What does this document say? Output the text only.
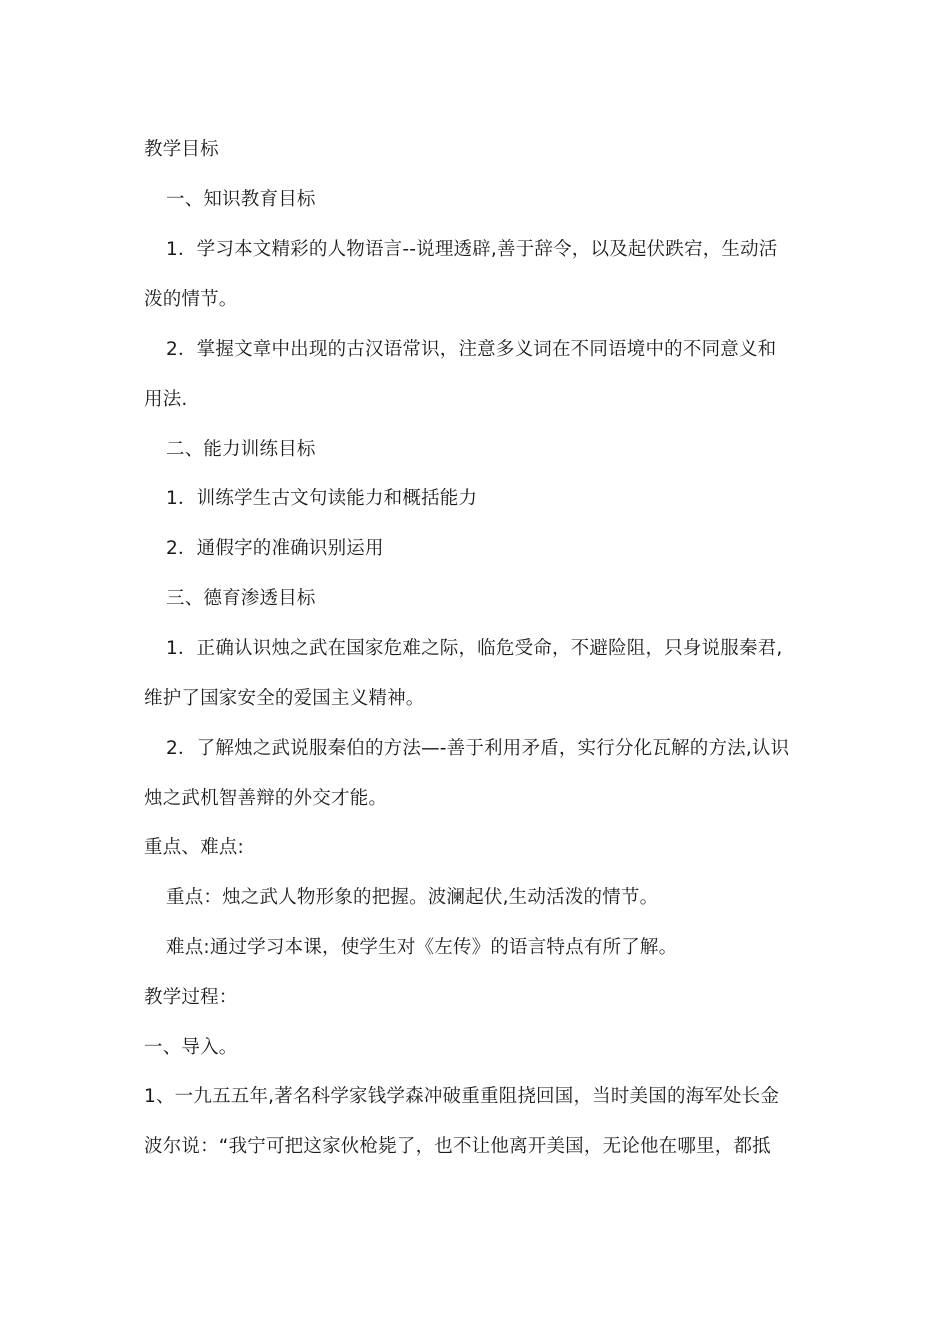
教学目标
一、知识教育目标
1．学习本文精彩的人物语言--说理透辟,善于辞令，以及起伏跌宕，生动活
泼的情节。
2．掌握文章中出现的古汉语常识，注意多义词在不同语境中的不同意义和
用法.
二、能力训练目标
1．训练学生古文句读能力和概括能力
2．通假字的准确识别运用
三、德育渗透目标
1．正确认识烛之武在国家危难之际，临危受命，不避险阻，只身说服秦君,
维护了国家安全的爱国主义精神。
2．了解烛之武说服秦伯的方法—-善于利用矛盾，实行分化瓦解的方法,认识
烛之武机智善辩的外交才能。
重点、难点:
重点：烛之武人物形象的把握。波澜起伏,生动活泼的情节。
难点:通过学习本课，使学生对《左传》的语言特点有所了解。
教学过程：
一、导入。
1、一九五五年,著名科学家钱学森冲破重重阻挠回国，当时美国的海军处长金
波尔说：“我宁可把这家伙枪毙了，也不让他离开美国，无论他在哪里，都抵
